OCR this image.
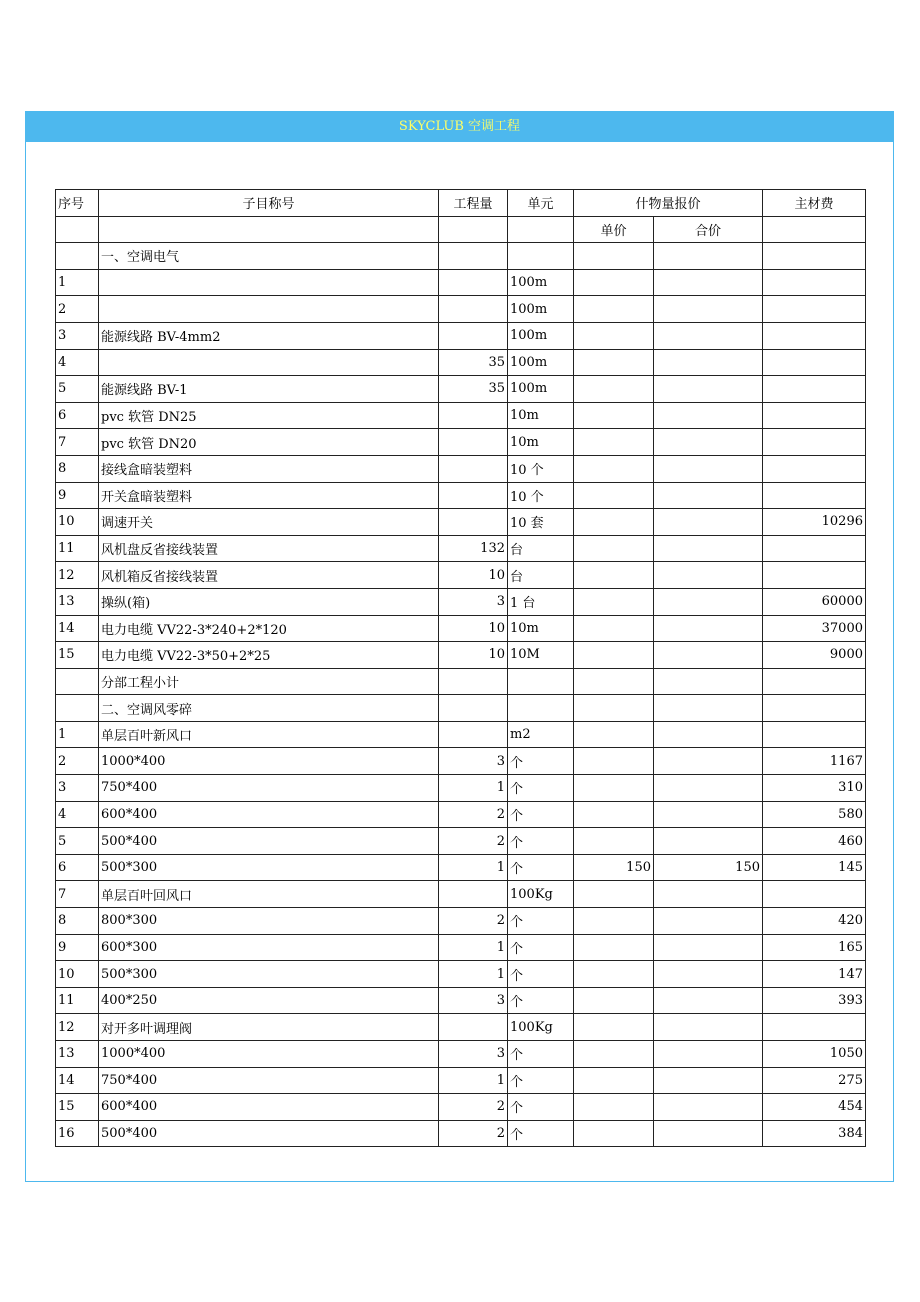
SKYCLUB 空调工程
序号	子目称号	工程量	单元	什物量报价		主材费
				单价	合价	
	一、空调电气					
1			100m			
2			100m			
3	能源线路 BV-4mm2		100m			
4		35	100m			
5	能源线路 BV-1	35	100m			
6	pvc 软管 DN25		10m			
7	pvc 软管 DN20		10m			
8	接线盒暗装塑料		10 个			
9	开关盒暗装塑料		10 个			
10	调速开关		10 套			10296
11	风机盘反省接线装置	132	台			
12	风机箱反省接线装置	10	台			
13	操纵(箱)	3	1 台			60000
14	电力电缆 VV22-3*240+2*120	10	10m			37000
15	电力电缆 VV22-3*50+2*25	10	10M			9000
	分部工程小计					
	二、空调风零碎					
1	单层百叶新风口		m2			
2	1000*400	3	个			1167
3	750*400	1	个			310
4	600*400	2	个			580
5	500*400	2	个			460
6	500*300	1	个	150	150	145
7	单层百叶回风口		100Kg			
8	800*300	2	个			420
9	600*300	1	个			165
10	500*300	1	个			147
11	400*250	3	个			393
12	对开多叶调理阀		100Kg			
13	1000*400	3	个			1050
14	750*400	1	个			275
15	600*400	2	个			454
16	500*400	2	个			384
